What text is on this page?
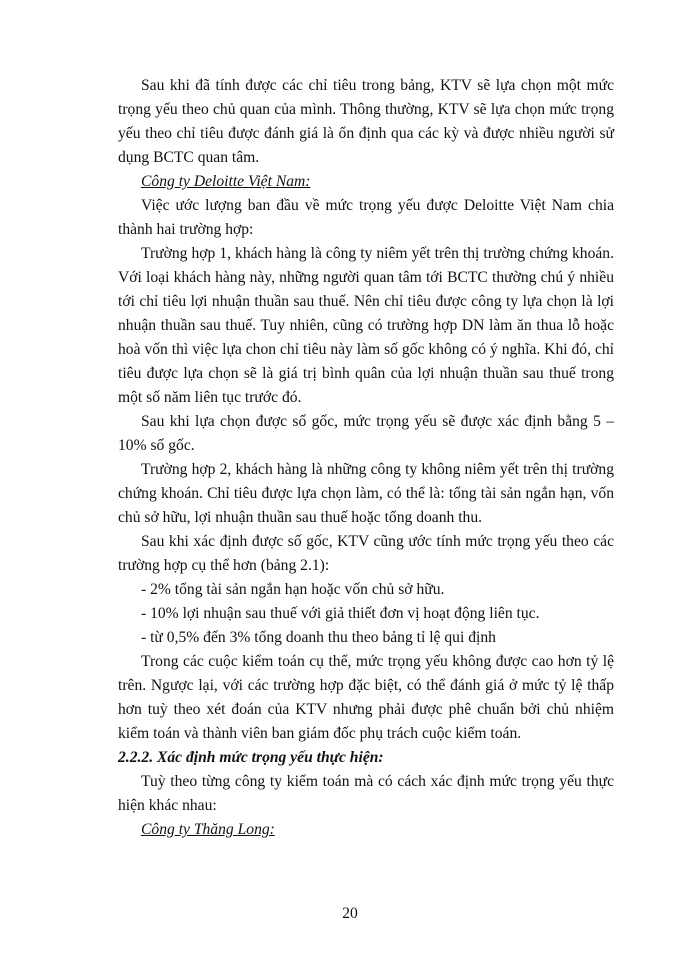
Sau khi đã tính được các chỉ tiêu trong bảng, KTV sẽ lựa chọn một mức trọng yếu theo chủ quan của mình. Thông thường, KTV sẽ lựa chọn mức trọng yếu theo chỉ tiêu được đánh giá là ổn định qua các kỳ và được nhiều người sử dụng BCTC quan tâm.

Công ty Deloitte Việt Nam:

Việc ước lượng ban đầu về mức trọng yếu được Deloitte Việt Nam chia thành hai trường hợp:

Trường hợp 1, khách hàng là công ty niêm yết trên thị trường chứng khoán. Với loại khách hàng này, những người quan tâm tới BCTC thường chú ý nhiều tới chỉ tiêu lợi nhuận thuần sau thuế. Nên chỉ tiêu được công ty lựa chọn là lợi nhuận thuần sau thuế. Tuy nhiên, cũng có trường hợp DN làm ăn thua lỗ hoặc hoà vốn thì việc lựa chon chỉ tiêu này làm số gốc không có ý nghĩa. Khi đó, chỉ tiêu được lựa chọn sẽ là giá trị bình quân của lợi nhuận thuần sau thuế trong một số năm liên tục trước đó.

Sau khi lựa chọn được số gốc, mức trọng yếu sẽ được xác định bằng 5 – 10% số gốc.

Trường hợp 2, khách hàng là những công ty không niêm yết trên thị trường chứng khoán. Chỉ tiêu được lựa chọn làm, có thể là: tổng tài sản ngắn hạn, vốn chủ sở hữu, lợi nhuận thuần sau thuế hoặc tổng doanh thu.

Sau khi xác định được số gốc, KTV cũng ước tính mức trọng yếu theo các trường hợp cụ thể hơn (bảng 2.1):

- 2% tổng tài sản ngắn hạn hoặc vốn chủ sở hữu.

- 10% lợi nhuận sau thuế với giả thiết đơn vị hoạt động liên tục.

- từ 0,5% đến 3% tổng doanh thu theo bảng tỉ lệ qui định

Trong các cuộc kiểm toán cụ thể, mức trọng yếu không được cao hơn tỷ lệ trên. Ngược lại, với các trường hợp đặc biệt, có thể đánh giá ở mức tỷ lệ thấp hơn tuỳ theo xét đoán của KTV nhưng phải được phê chuẩn bởi chủ nhiệm kiểm toán và thành viên ban giám đốc phụ trách cuộc kiểm toán.

2.2.2. Xác định mức trọng yếu thực hiện:

Tuỳ theo từng công ty kiểm toán mà có cách xác định mức trọng yếu thực hiện khác nhau:

Công ty Thăng Long:

20
